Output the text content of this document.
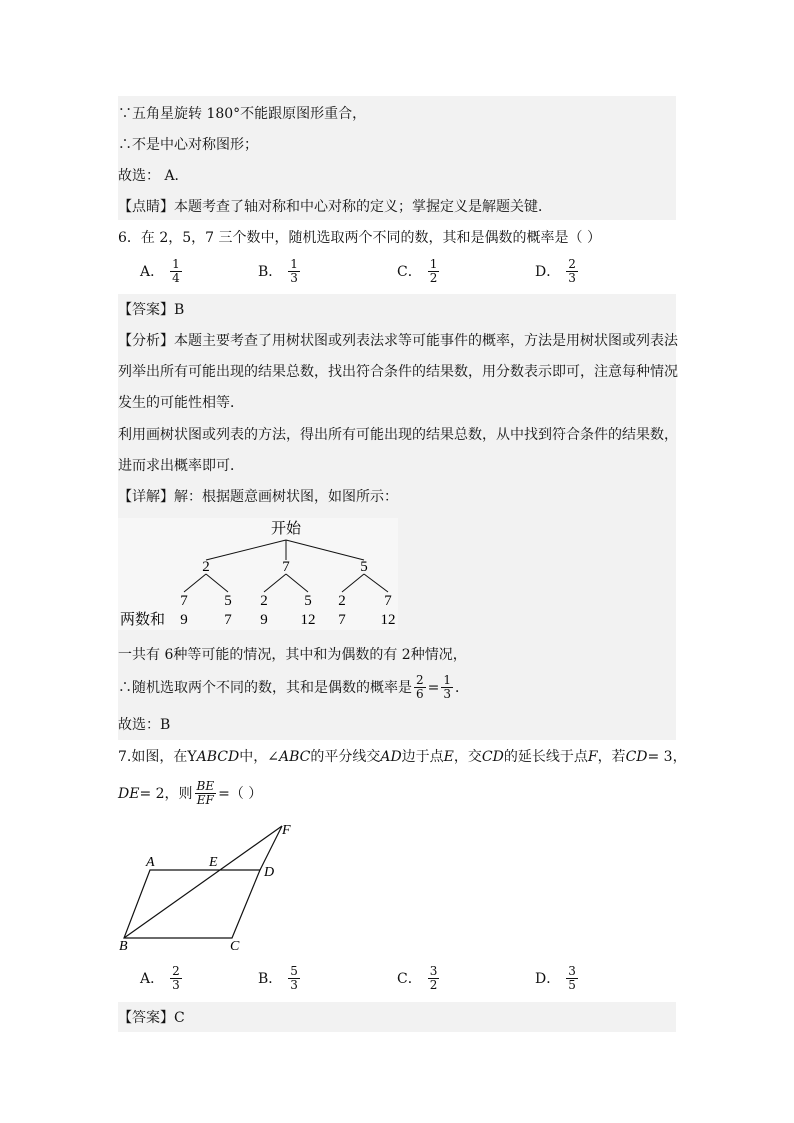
∵五角星旋转 180°不能跟原图形重合，
∴不是中心对称图形；
故选： A．
【点睛】本题考查了轴对称和中心对称的定义；掌握定义是解题关键．
6．在 2，5，7 三个数中，随机选取两个不同的数，其和是偶数的概率是（ ）
A． $\frac{1}{4}$	B． $\frac{1}{3}$	C． $\frac{1}{2}$	D． $\frac{2}{3}$
【答案】B
【分析】本题主要考查了用树状图或列表法求等可能事件的概率，方法是用树状图或列表法
列举出所有可能出现的结果总数，找出符合条件的结果数，用分数表示即可，注意每种情况
发生的可能性相等．
利用画树状图或列表的方法，得出所有可能出现的结果总数，从中找到符合条件的结果数，
进而求出概率即可．
【详解】解：根据题意画树状图，如图所示：
开始
2	7	5
7 5 2 5 2	7
两数和 9 7 9 12 7 12
一共有 6种等可能的情况，其中和为偶数的有 2种情况，
∴随机选取两个不同的数，其和是偶数的概率是 $\frac{2}{6} = \frac{1}{3}$ ．
故选：B
7.如图，在YABCD中，∠ABC的平分线交AD边于点E，交CD的延长线于点F，若CD= 3，
DE = 2，则 $\frac{BE}{EF}$ =（ ）
A	E
D
F
B	C
A． $\frac{2}{3}$	B． $\frac{5}{3}$	C． $\frac{3}{2}$	D． $\frac{3}{5}$
【答案】C
